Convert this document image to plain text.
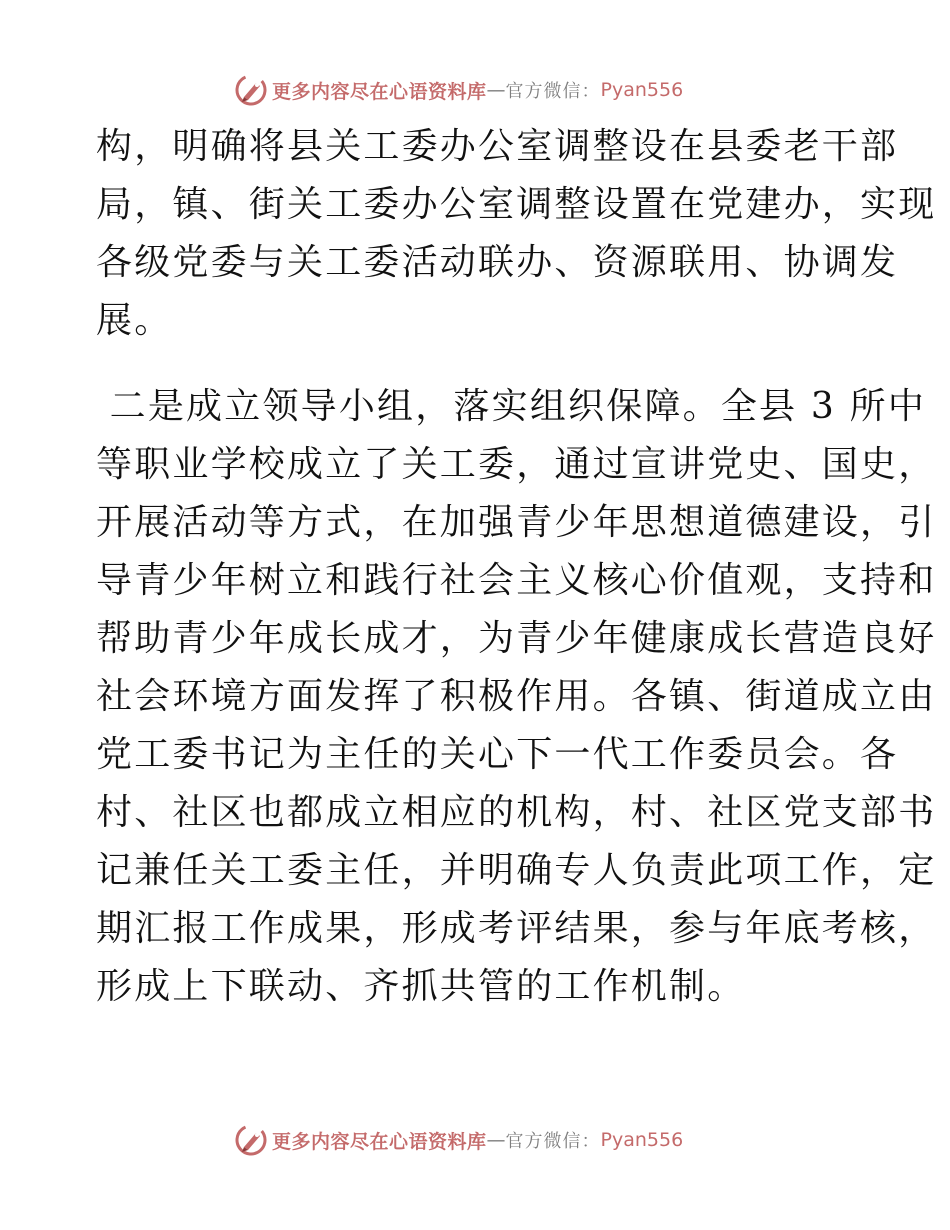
更多内容尽在心语资料库 — 官方微信： Pyan556
构，明确将县关工委办公室调整设在县委老干部
局，镇、街关工委办公室调整设置在党建办，实现
各级党委与关工委活动联办、资源联用、协调发
展。
二是成立领导小组，落实组织保障。全县 3 所中
等职业学校成立了关工委，通过宣讲党史、国史，
开展活动等方式，在加强青少年思想道德建设，引
导青少年树立和践行社会主义核心价值观，支持和
帮助青少年成长成才，为青少年健康成长营造良好
社会环境方面发挥了积极作用。各镇、街道成立由
党工委书记为主任的关心下一代工作委员会。各
村、社区也都成立相应的机构，村、社区党支部书
记兼任关工委主任，并明确专人负责此项工作，定
期汇报工作成果，形成考评结果，参与年底考核，
形成上下联动、齐抓共管的工作机制。
更多内容尽在心语资料库 — 官方微信： Pyan556
